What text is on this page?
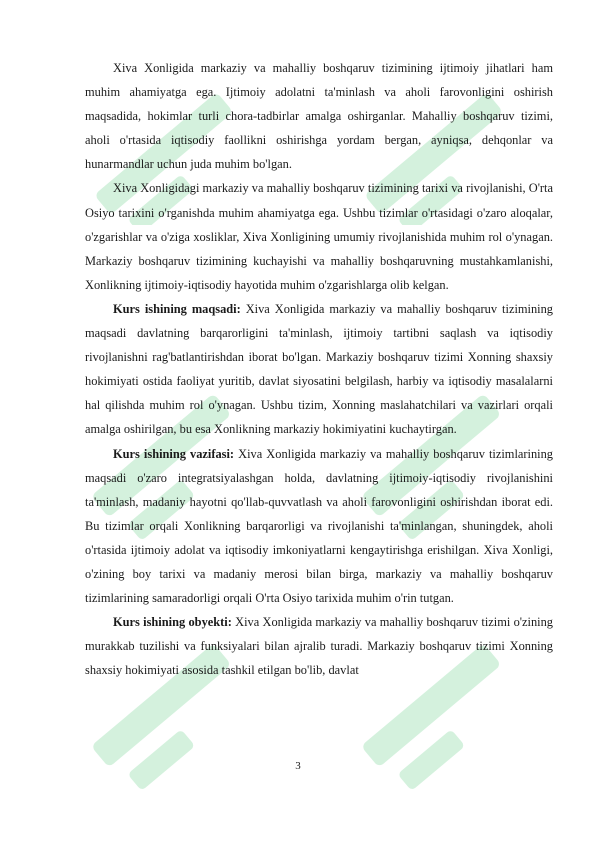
Xiva Xonligida markaziy va mahalliy boshqaruv tizimining ijtimoiy jihatlari ham muhim ahamiyatga ega. Ijtimoiy adolatni ta'minlash va aholi farovonligini oshirish maqsadida, hokimlar turli chora-tadbirlar amalga oshirganlar. Mahalliy boshqaruv tizimi, aholi o'rtasida iqtisodiy faollikni oshirishga yordam bergan, ayniqsa, dehqonlar va hunarmandlar uchun juda muhim bo'lgan.

Xiva Xonligidagi markaziy va mahalliy boshqaruv tizimining tarixi va rivojlanishi, O'rta Osiyo tarixini o'rganishda muhim ahamiyatga ega. Ushbu tizimlar o'rtasidagi o'zaro aloqalar, o'zgarishlar va o'ziga xosliklar, Xiva Xonligining umumiy rivojlanishida muhim rol o'ynagan. Markaziy boshqaruv tizimining kuchayishi va mahalliy boshqaruvning mustahkamlanishi, Xonlikning ijtimoiy-iqtisodiy hayotida muhim o'zgarishlarga olib kelgan.

Kurs ishining maqsadi: Xiva Xonligida markaziy va mahalliy boshqaruv tizimining maqsadi davlatning barqarorligini ta'minlash, ijtimoiy tartibni saqlash va iqtisodiy rivojlanishni rag'batlantirishdan iborat bo'lgan. Markaziy boshqaruv tizimi Xonning shaxsiy hokimiyati ostida faoliyat yuritib, davlat siyosatini belgilash, harbiy va iqtisodiy masalalarni hal qilishda muhim rol o'ynagan. Ushbu tizim, Xonning maslahatchilari va vazirlari orqali amalga oshirilgan, bu esa Xonlikning markaziy hokimiyatini kuchaytirgan.

Kurs ishining vazifasi: Xiva Xonligida markaziy va mahalliy boshqaruv tizimlarining maqsadi o'zaro integratsiyalashgan holda, davlatning ijtimoiy-iqtisodiy rivojlanishini ta'minlash, madaniy hayotni qo'llab-quvvatlash va aholi farovonligini oshirishdan iborat edi. Bu tizimlar orqali Xonlikning barqarorligi va rivojlanishi ta'minlangan, shuningdek, aholi o'rtasida ijtimoiy adolat va iqtisodiy imkoniyatlarni kengaytirishga erishilgan. Xiva Xonligi, o'zining boy tarixi va madaniy merosi bilan birga, markaziy va mahalliy boshqaruv tizimlarining samaradorligi orqali O'rta Osiyo tarixida muhim o'rin tutgan.

Kurs ishining obyekti: Xiva Xonligida markaziy va mahalliy boshqaruv tizimi o'zining murakkab tuzilishi va funksiyalari bilan ajralib turadi. Markaziy boshqaruv tizimi Xonning shaxsiy hokimiyati asosida tashkil etilgan bo'lib, davlat

3
